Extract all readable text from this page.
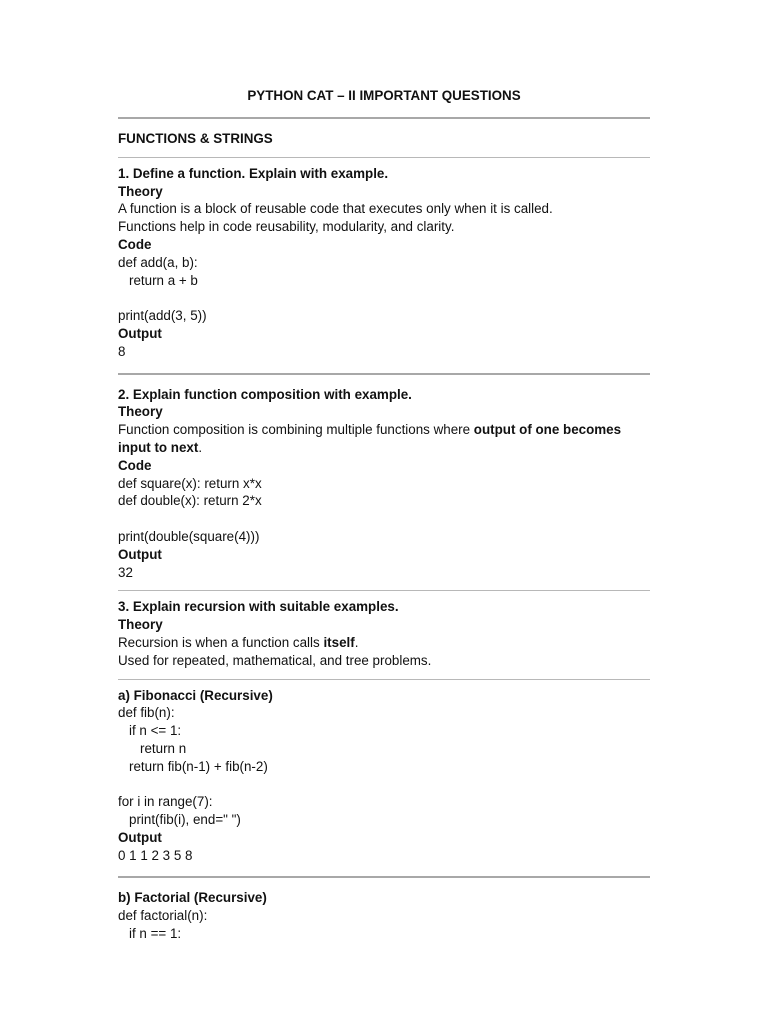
PYTHON CAT – II IMPORTANT QUESTIONS
FUNCTIONS & STRINGS
1. Define a function. Explain with example.
Theory
A function is a block of reusable code that executes only when it is called.
Functions help in code reusability, modularity, and clarity.
Code
def add(a, b):
return a + b
print(add(3, 5))
Output
8
2. Explain function composition with example.
Theory
Function composition is combining multiple functions where output of one becomes input to next.
Code
def square(x): return x*x
def double(x): return 2*x
print(double(square(4)))
Output
32
3. Explain recursion with suitable examples.
Theory
Recursion is when a function calls itself.
Used for repeated, mathematical, and tree problems.
a) Fibonacci (Recursive)
def fib(n):
if n <= 1:
return n
return fib(n-1) + fib(n-2)
for i in range(7):
print(fib(i), end=" ")
Output
0 1 1 2 3 5 8
b) Factorial (Recursive)
def factorial(n):
if n == 1:
